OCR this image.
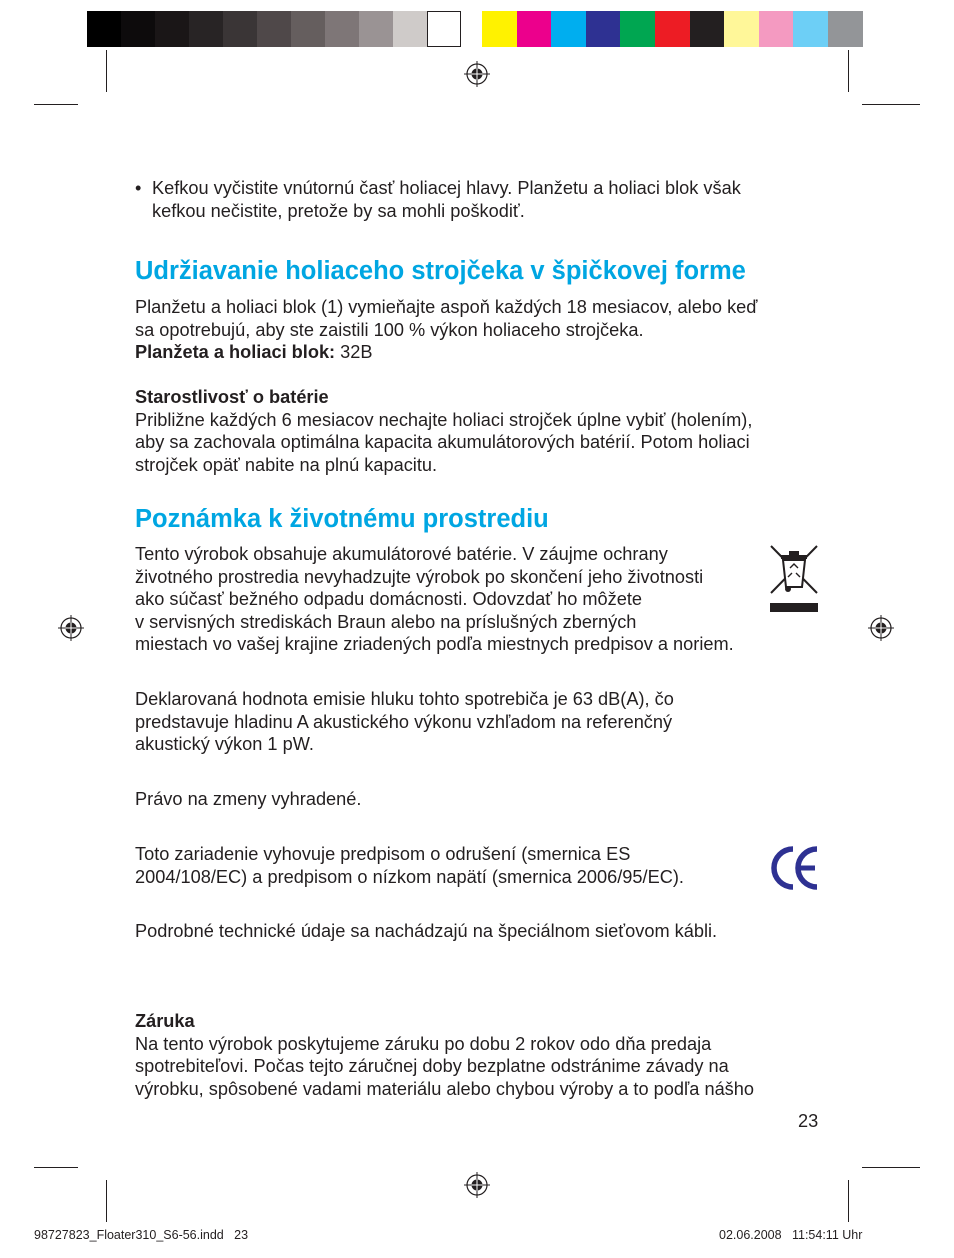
• Kefkou vyčistite vnútornú časť holiacej hlavy. Planžetu a holiaci blok však

kefkou nečistite, pretože by sa mohli poškodiť.

Udržiavanie holiaceho strojčeka v špičkovej forme

Planžetu a holiaci blok (1) vymieňajte aspoň každých 18 mesiacov, alebo keď

sa opotrebujú, aby ste zaistili 100 % výkon holiaceho strojčeka.

Planžeta a holiaci blok: 32B

Starostlivosť o batérie

Približne každých 6 mesiacov nechajte holiaci strojček úplne vybiť (holením),

aby sa zachovala optimálna kapacita akumulátorových batérií. Potom holiaci

strojček opäť nabite na plnú kapacitu.

Poznámka k životnému prostrediu

Tento výrobok obsahuje akumulátorové batérie. V záujme ochrany

životného prostredia nevyhadzujte výrobok po skončení jeho životnosti

ako súčasť bežného odpadu domácnosti. Odovzdať ho môžete

v servisných strediskách Braun alebo na príslušných zberných

miestach vo vašej krajine zriadených podľa miestnych predpisov a noriem.

Deklarovaná hodnota emisie hluku tohto spotrebiča je 63 dB(A), čo

predstavuje hladinu A akustického výkonu vzhľadom na referenčný

akustický výkon 1 pW.

Právo na zmeny vyhradené.

Toto zariadenie vyhovuje predpisom o odrušení (smernica ES

2004/108/EC) a predpisom o nízkom napätí (smernica 2006/95/EC).

Podrobné technické údaje sa nachádzajú na špeciálnom sieťovom kábli.

Záruka

Na tento výrobok poskytujeme záruku po dobu 2 rokov odo dňa predaja

spotrebiteľovi. Počas tejto záručnej doby bezplatne odstránime závady na

výrobku, spôsobené vadami materiálu alebo chybou výroby a to podľa nášho

23
98727823_Floater310_S6-56.indd   23	02.06.2008   11:54:11 Uhr
